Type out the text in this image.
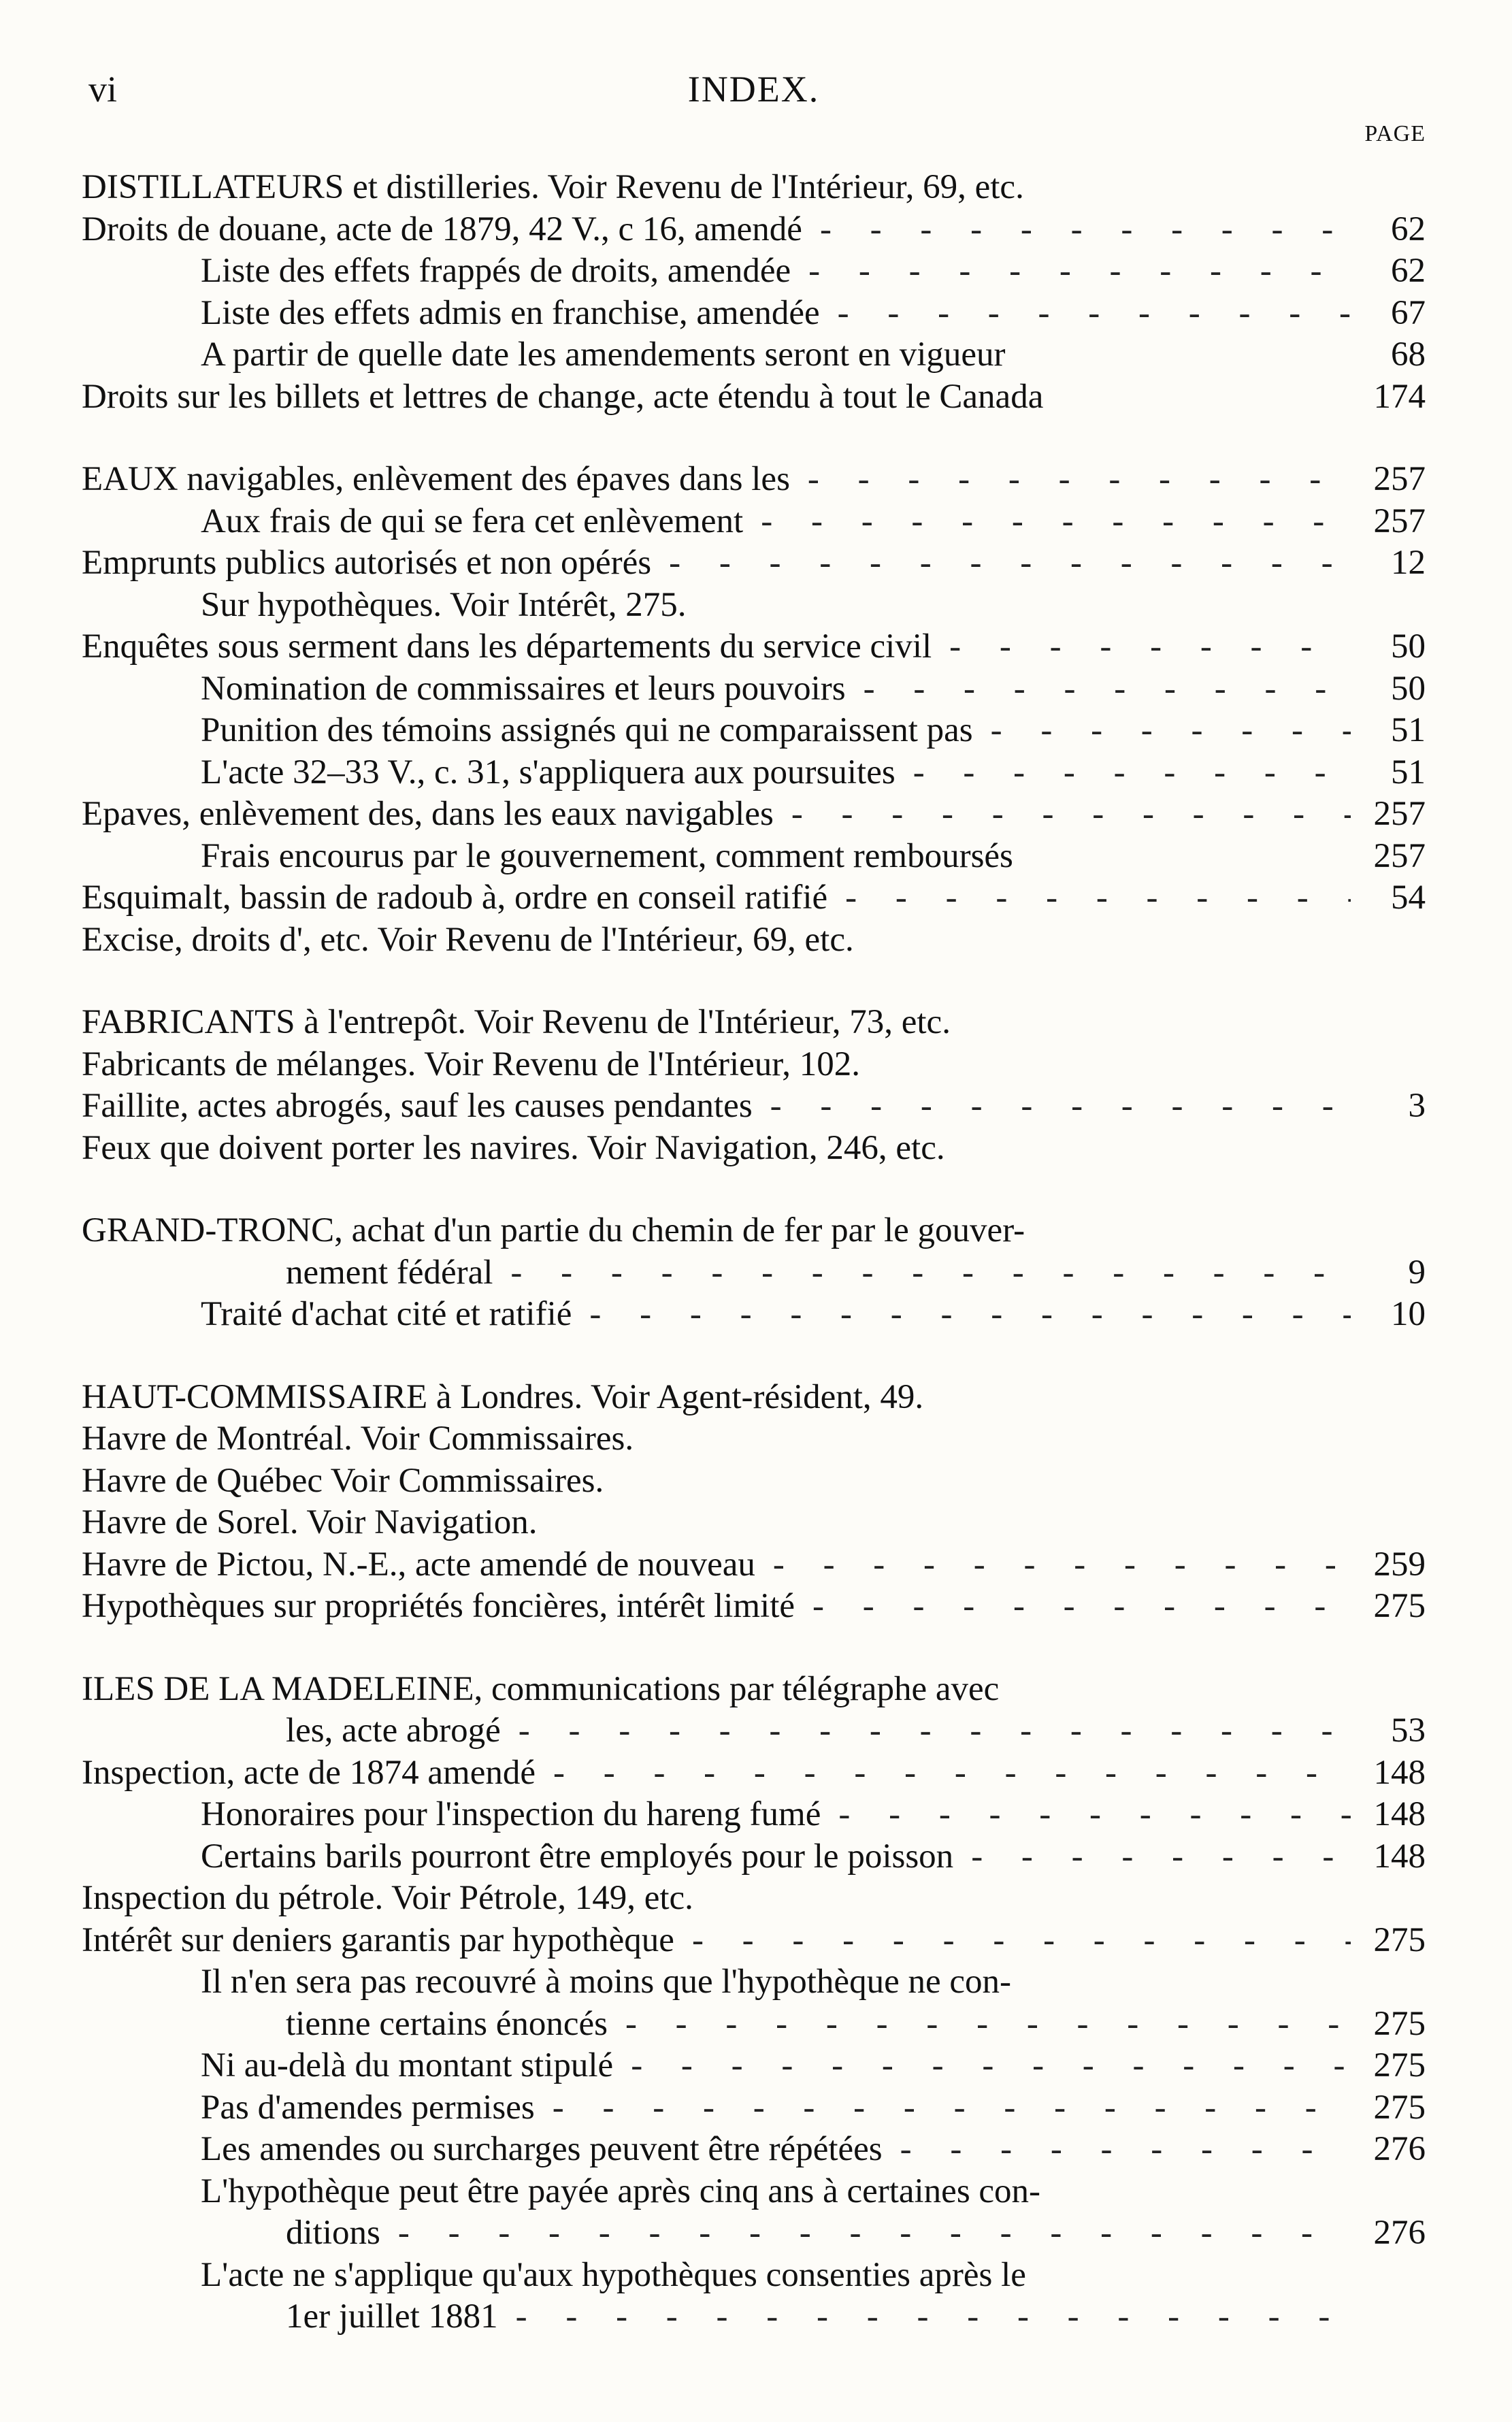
vi	INDEX.
PAGE
DISTILLATEURS et distilleries. Voir Revenu de l'Intérieur, 69, etc.
Droits de douane, acte de 1879, 42 V., c 16, amendé - - -	62
Liste des effets frappés de droits, amendée - - -	62
Liste des effets admis en franchise, amendée - - -	67
A partir de quelle date les amendements seront en vigueur	68
Droits sur les billets et lettres de change, acte étendu à tout le Canada	174
EAUX navigables, enlèvement des épaves dans les - - -	257
Aux frais de qui se fera cet enlèvement - - -	257
Emprunts publics autorisés et non opérés - - -	12
Sur hypothèques. Voir Intérêt, 275.
Enquêtes sous serment dans les départements du service civil - - -	50
Nomination de commissaires et leurs pouvoirs - - -	50
Punition des témoins assignés qui ne comparaissent pas - - -	51
L'acte 32–33 V., c. 31, s'appliquera aux poursuites - - -	51
Epaves, enlèvement des, dans les eaux navigables - - -	257
Frais encourus par le gouvernement, comment remboursés	257
Esquimalt, bassin de radoub à, ordre en conseil ratifié - - -	54
Excise, droits d', etc. Voir Revenu de l'Intérieur, 69, etc.
FABRICANTS à l'entrepôt. Voir Revenu de l'Intérieur, 73, etc.
Fabricants de mélanges. Voir Revenu de l'Intérieur, 102.
Faillite, actes abrogés, sauf les causes pendantes - - -	3
Feux que doivent porter les navires. Voir Navigation, 246, etc.
GRAND-TRONC, achat d'un partie du chemin de fer par le gouver-
nement fédéral - - -	9
Traité d'achat cité et ratifié - - -	10
HAUT-COMMISSAIRE à Londres. Voir Agent-résident, 49.
Havre de Montréal. Voir Commissaires.
Havre de Québec Voir Commissaires.
Havre de Sorel. Voir Navigation.
Havre de Pictou, N.-E., acte amendé de nouveau - - -	259
Hypothèques sur propriétés foncières, intérêt limité - - -	275
ILES DE LA MADELEINE, communications par télégraphe avec
les, acte abrogé - - -	53
Inspection, acte de 1874 amendé - - -	148
Honoraires pour l'inspection du hareng fumé - - -	148
Certains barils pourront être employés pour le poisson - - -	148
Inspection du pétrole. Voir Pétrole, 149, etc.
Intérêt sur deniers garantis par hypothèque - - -	275
Il n'en sera pas recouvré à moins que l'hypothèque ne con-
tienne certains énoncés - - -	275
Ni au-delà du montant stipulé - - -	275
Pas d'amendes permises - - -	275
Les amendes ou surcharges peuvent être répétées - - -	276
L'hypothèque peut être payée après cinq ans à certaines con-
ditions - - -	276
L'acte ne s'applique qu'aux hypothèques consenties après le
1er juillet 1881
- - -
